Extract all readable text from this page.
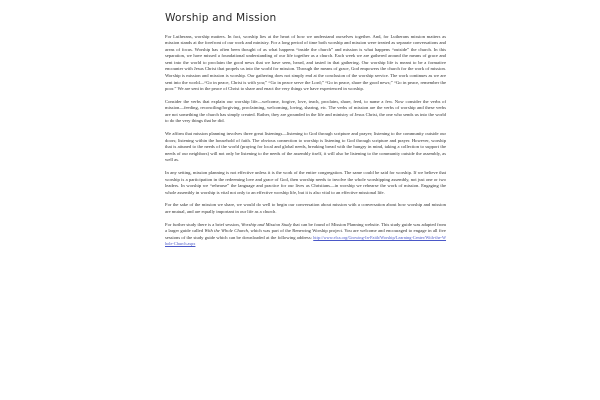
Worship and Mission

For Lutherans, worship matters. In fact, worship lies at the heart of how we understand ourselves together. And, for Lutherans mission matters as mission stands at the forefront of our work and ministry. For a long period of time both worship and mission were treated as separate conversations and areas of focus. Worship has often been thought of as what happens “inside the church” and mission is what happens “outside” the church. In this separation, we have missed a foundational understanding of our life together as a church. Each week we are gathered around the means of grace and sent into the world to proclaim the good news that we have seen, heard, and tasted in that gathering. Our worship life is meant to be a formative encounter with Jesus Christ that propels us into the world for mission. Through the means of grace, God empowers the church for the work of mission. Worship is mission and mission is worship. Our gathering does not simply end at the conclusion of the worship service. The work continues as we are sent into the world—“Go in peace, Christ is with you;” “Go in peace serve the Lord;” “Go in peace, share the good news;” “Go in peace, remember the poor.” We are sent in the peace of Christ to share and enact the very things we have experienced in worship.

Consider the verbs that explain our worship life—welcome, forgive, love, teach, proclaim, share, feed, to name a few. Now consider the verbs of mission—feeding, reconciling/forgiving, proclaiming, welcoming, loving, sharing, etc. The verbs of mission are the verbs of worship and these verbs are not something the church has simply created. Rather, they are grounded in the life and ministry of Jesus Christ, the one who sends us into the world to do the very things that he did.

We affirm that mission planning involves three great listenings—listening to God through scripture and prayer; listening to the community outside our doors; listening within the household of faith. The obvious connection to worship is listening to God through scripture and prayer. However, worship that is attuned to the needs of the world (praying for local and global needs, breaking bread with the hungry in mind, taking a collection to support the needs of our neighbors) will not only be listening to the needs of the assembly itself, it will also be listening to the community outside the assembly, as well as.

In any setting, mission planning is not effective unless it is the work of the entire congregation. The same could be said for worship. If we believe that worship is a participation in the redeeming love and grace of God, then worship needs to involve the whole worshipping assembly, not just one or two leaders. In worship we “rehearse” the language and practice for our lives as Christians—in worship we rehearse the work of mission. Engaging the whole assembly in worship is vital not only to an effective worship life, but it is also vital to an effective missional life.

For the sake of the mission we share, we would do well to begin our conversation about mission with a conversation about how worship and mission are mutual, and are equally important in our life as a church.

For further study there is a brief session, Worship and Mission Study that can be found of Mission Planning website. This study guide was adapted from a larger guide called With the Whole Church, which was part of the Renewing Worship project. You are welcome and encouraged to engage in all five sessions of the study guide which can be downloaded at the following address: http://www.elca.org/Growing-In-Faith/Worship/Learning-Center/With-the-Whole-Church.aspx
